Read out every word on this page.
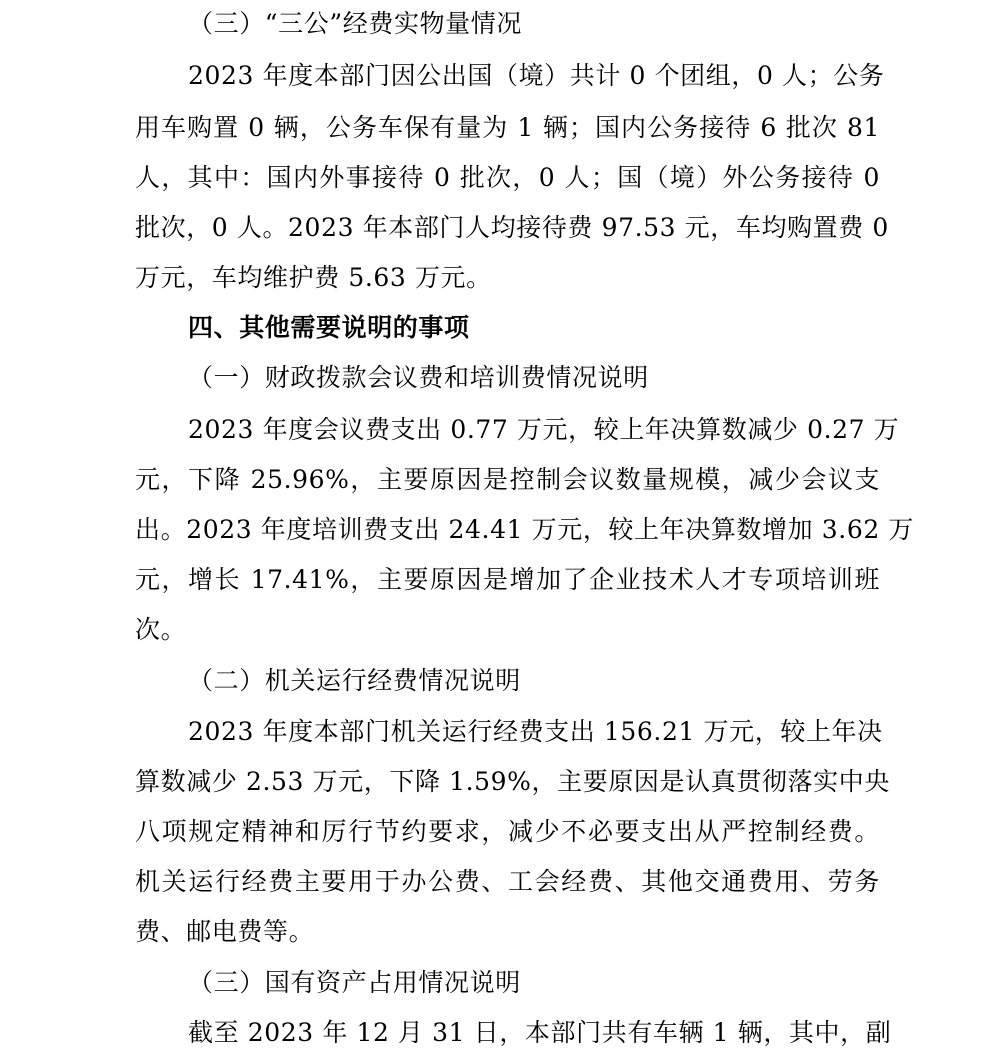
（三）“三公”经费实物量情况
2023 年度本部门因公出国（境）共计 0 个团组，0 人；公务
用车购置 0 辆，公务车保有量为 1 辆；国内公务接待 6 批次 81
人，其中：国内外事接待 0 批次，0 人；国（境）外公务接待 0
批次，0 人。2023 年本部门人均接待费 97.53 元，车均购置费 0
万元，车均维护费 5.63 万元。
四、其他需要说明的事项
（一）财政拨款会议费和培训费情况说明
2023 年度会议费支出 0.77 万元，较上年决算数减少 0.27 万
元，下降 25.96%，主要原因是控制会议数量规模，减少会议支
出。2023 年度培训费支出 24.41 万元，较上年决算数增加 3.62 万
元，增长 17.41%，主要原因是增加了企业技术人才专项培训班
次。
（二）机关运行经费情况说明
2023 年度本部门机关运行经费支出 156.21 万元，较上年决
算数减少 2.53 万元，下降 1.59%，主要原因是认真贯彻落实中央
八项规定精神和厉行节约要求，减少不必要支出从严控制经费。
机关运行经费主要用于办公费、工会经费、其他交通费用、劳务
费、邮电费等。
（三）国有资产占用情况说明
截至 2023 年 12 月 31 日，本部门共有车辆 1 辆，其中，副
